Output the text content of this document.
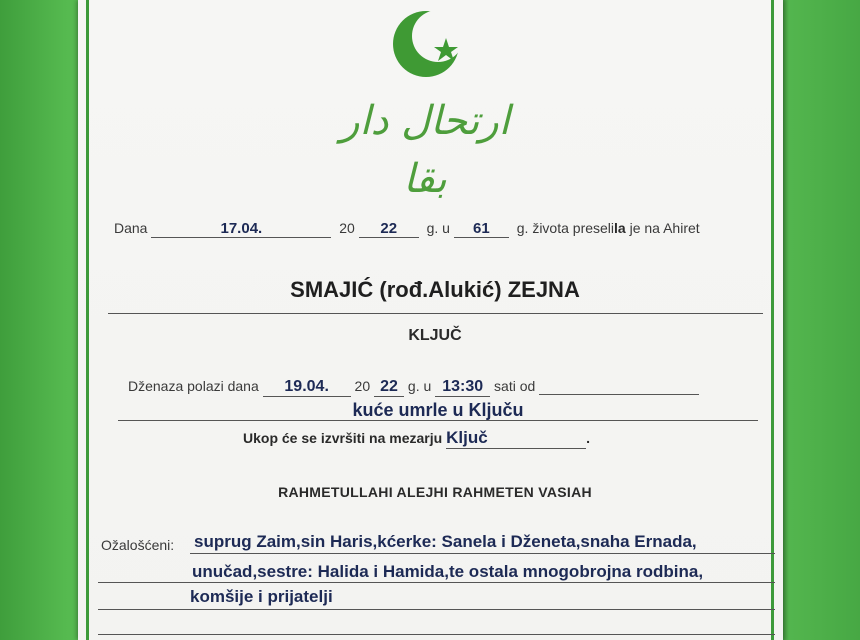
ارتحال دار بقا
Dana	17.04.	20 22 g. u 61 g. života preselila je na Ahiret
SMAJIĆ (rođ.Alukić) ZEJNA
KLJUČ
Dženaza polazi dana 19.04. 20 22 g. u 13:30 sati od
kuće umrle u Ključu
Ukop će se izvršiti na mezarju Ključ	.
RAHMETULLAHI ALEJHI RAHMETEN VASIAH
Ožalošćeni: suprug Zaim,sin Haris,kćerke: Sanela i Dženeta,snaha Ernada,
unučad,sestre: Halida i Hamida,te ostala mnogobrojna rodbina,
komšije i prijatelji
